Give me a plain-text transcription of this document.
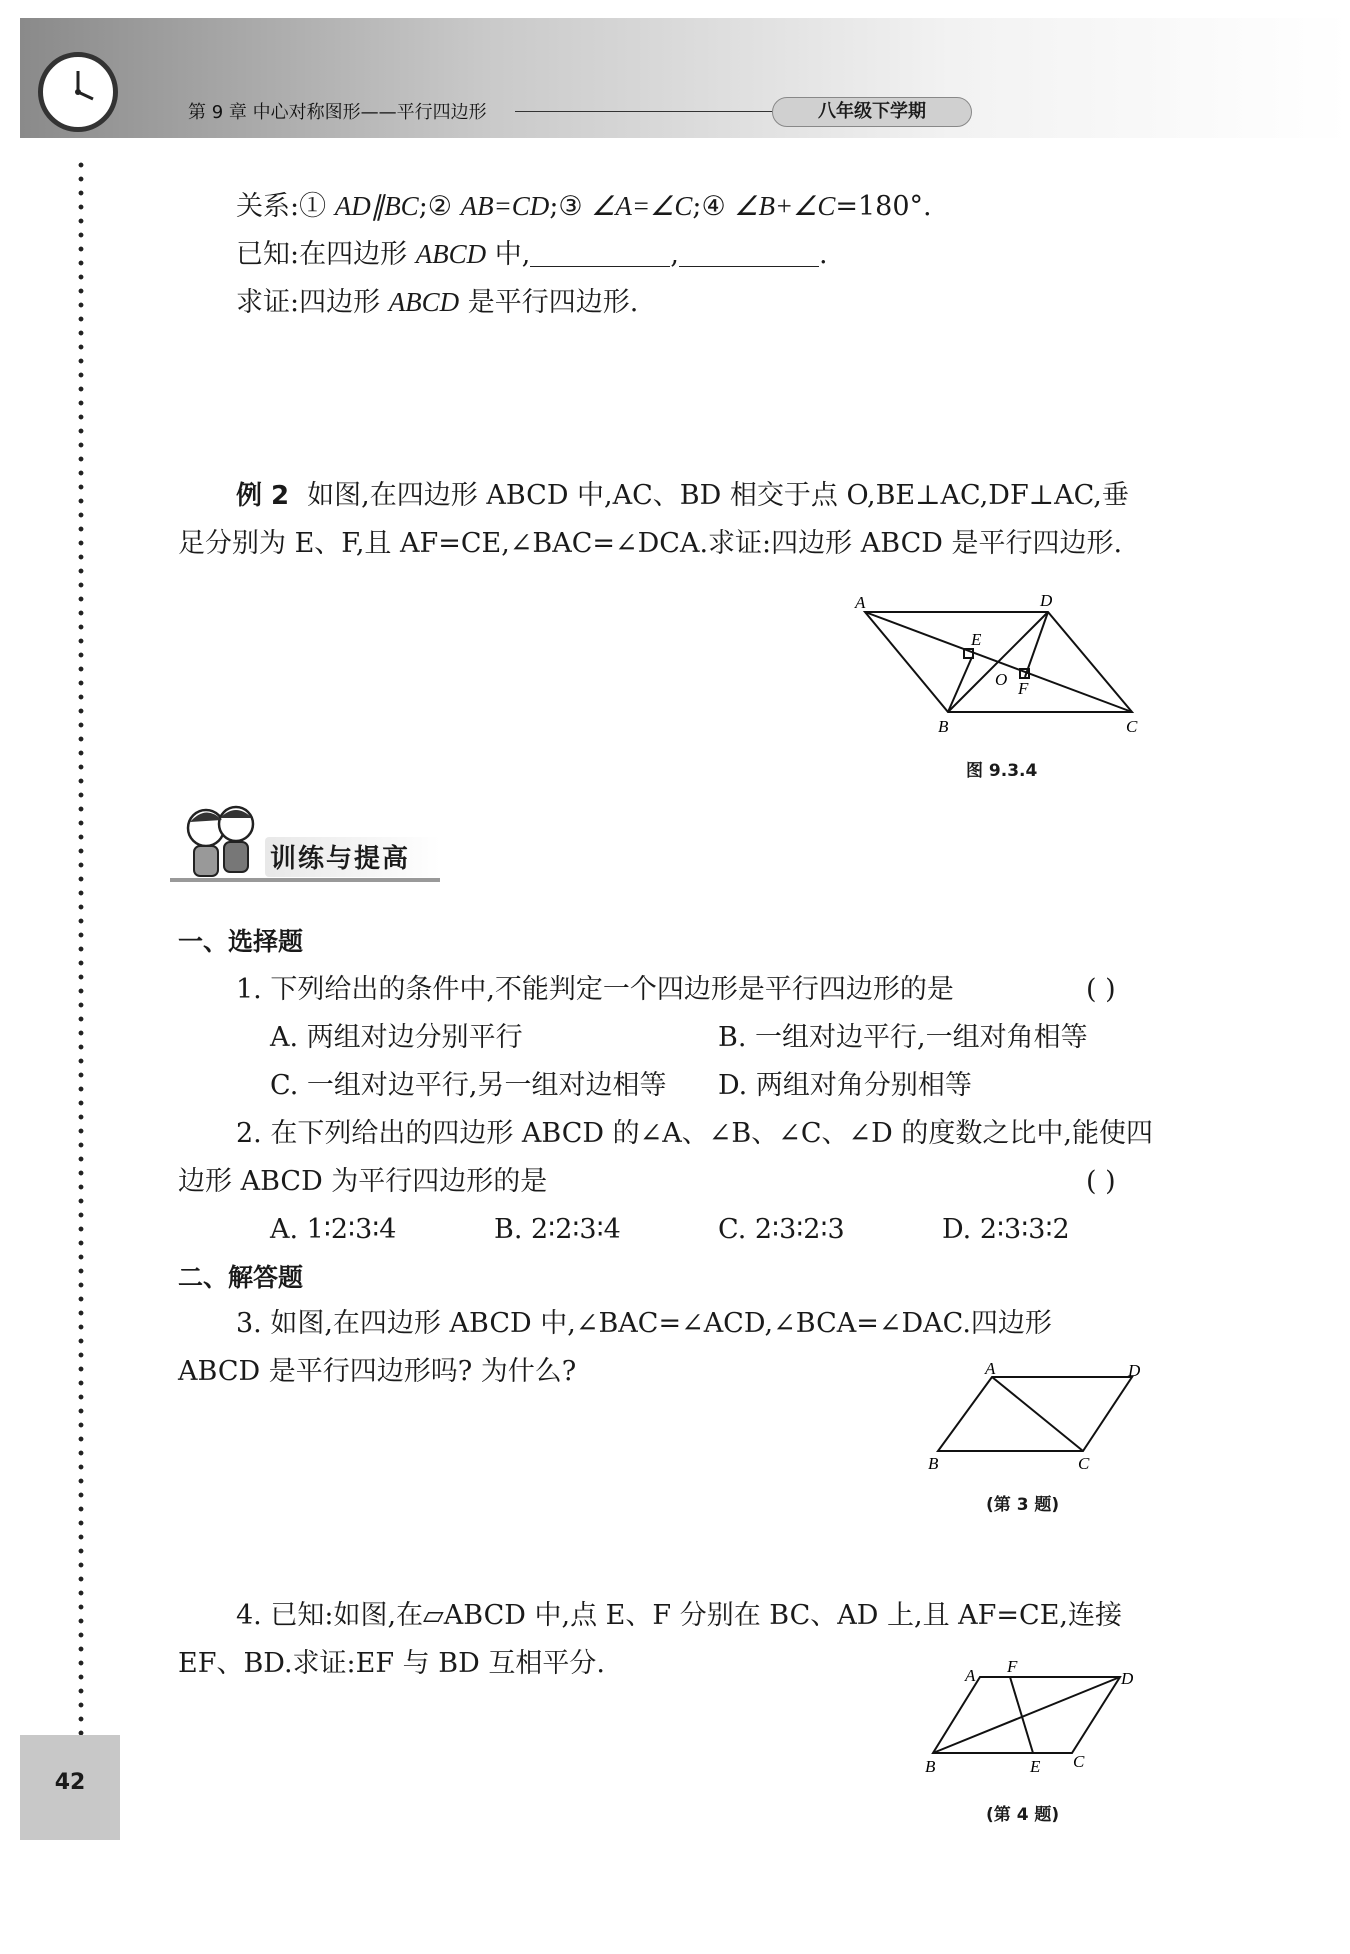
第 9 章 中心对称图形——平行四边形	八年级下学期
42
关系:① AD∥BC;② AB=CD;③ ∠A=∠C;④ ∠B+∠C=180°.
已知:在四边形 ABCD 中,	,	.
求证:四边形 ABCD 是平行四边形.
例 2 如图,在四边形 ABCD 中,AC、BD 相交于点 O,BE⊥AC,DF⊥AC,垂
足分别为 E、F,且 AF=CE,∠BAC=∠DCA.求证:四边形 ABCD 是平行四边形.
A	D
B	C
E
F
O
图 9.3.4
训练与提高
一、选择题
1. 下列给出的条件中,不能判定一个四边形是平行四边形的是	( )
A. 两组对边分别平行	B. 一组对边平行,一组对角相等
C. 一组对边平行,另一组对边相等 D. 两组对角分别相等
2. 在下列给出的四边形 ABCD 的∠A、∠B、∠C、∠D 的度数之比中,能使四
边形 ABCD 为平行四边形的是	( )
A. 1∶2∶3∶4	B. 2∶2∶3∶4	C. 2∶3∶2∶3	D. 2∶3∶3∶2
二、解答题
3. 如图,在四边形 ABCD 中,∠BAC=∠ACD,∠BCA=∠DAC.四边形
ABCD 是平行四边形吗? 为什么?	A	D
B	C
(第 3 题)
4. 已知:如图,在▱ABCD 中,点 E、F 分别在 BC、AD 上,且 AF=CE,连接
EF、BD.求证:EF 与 BD 互相平分.	A F
D
B	E C
(第 4 题)
